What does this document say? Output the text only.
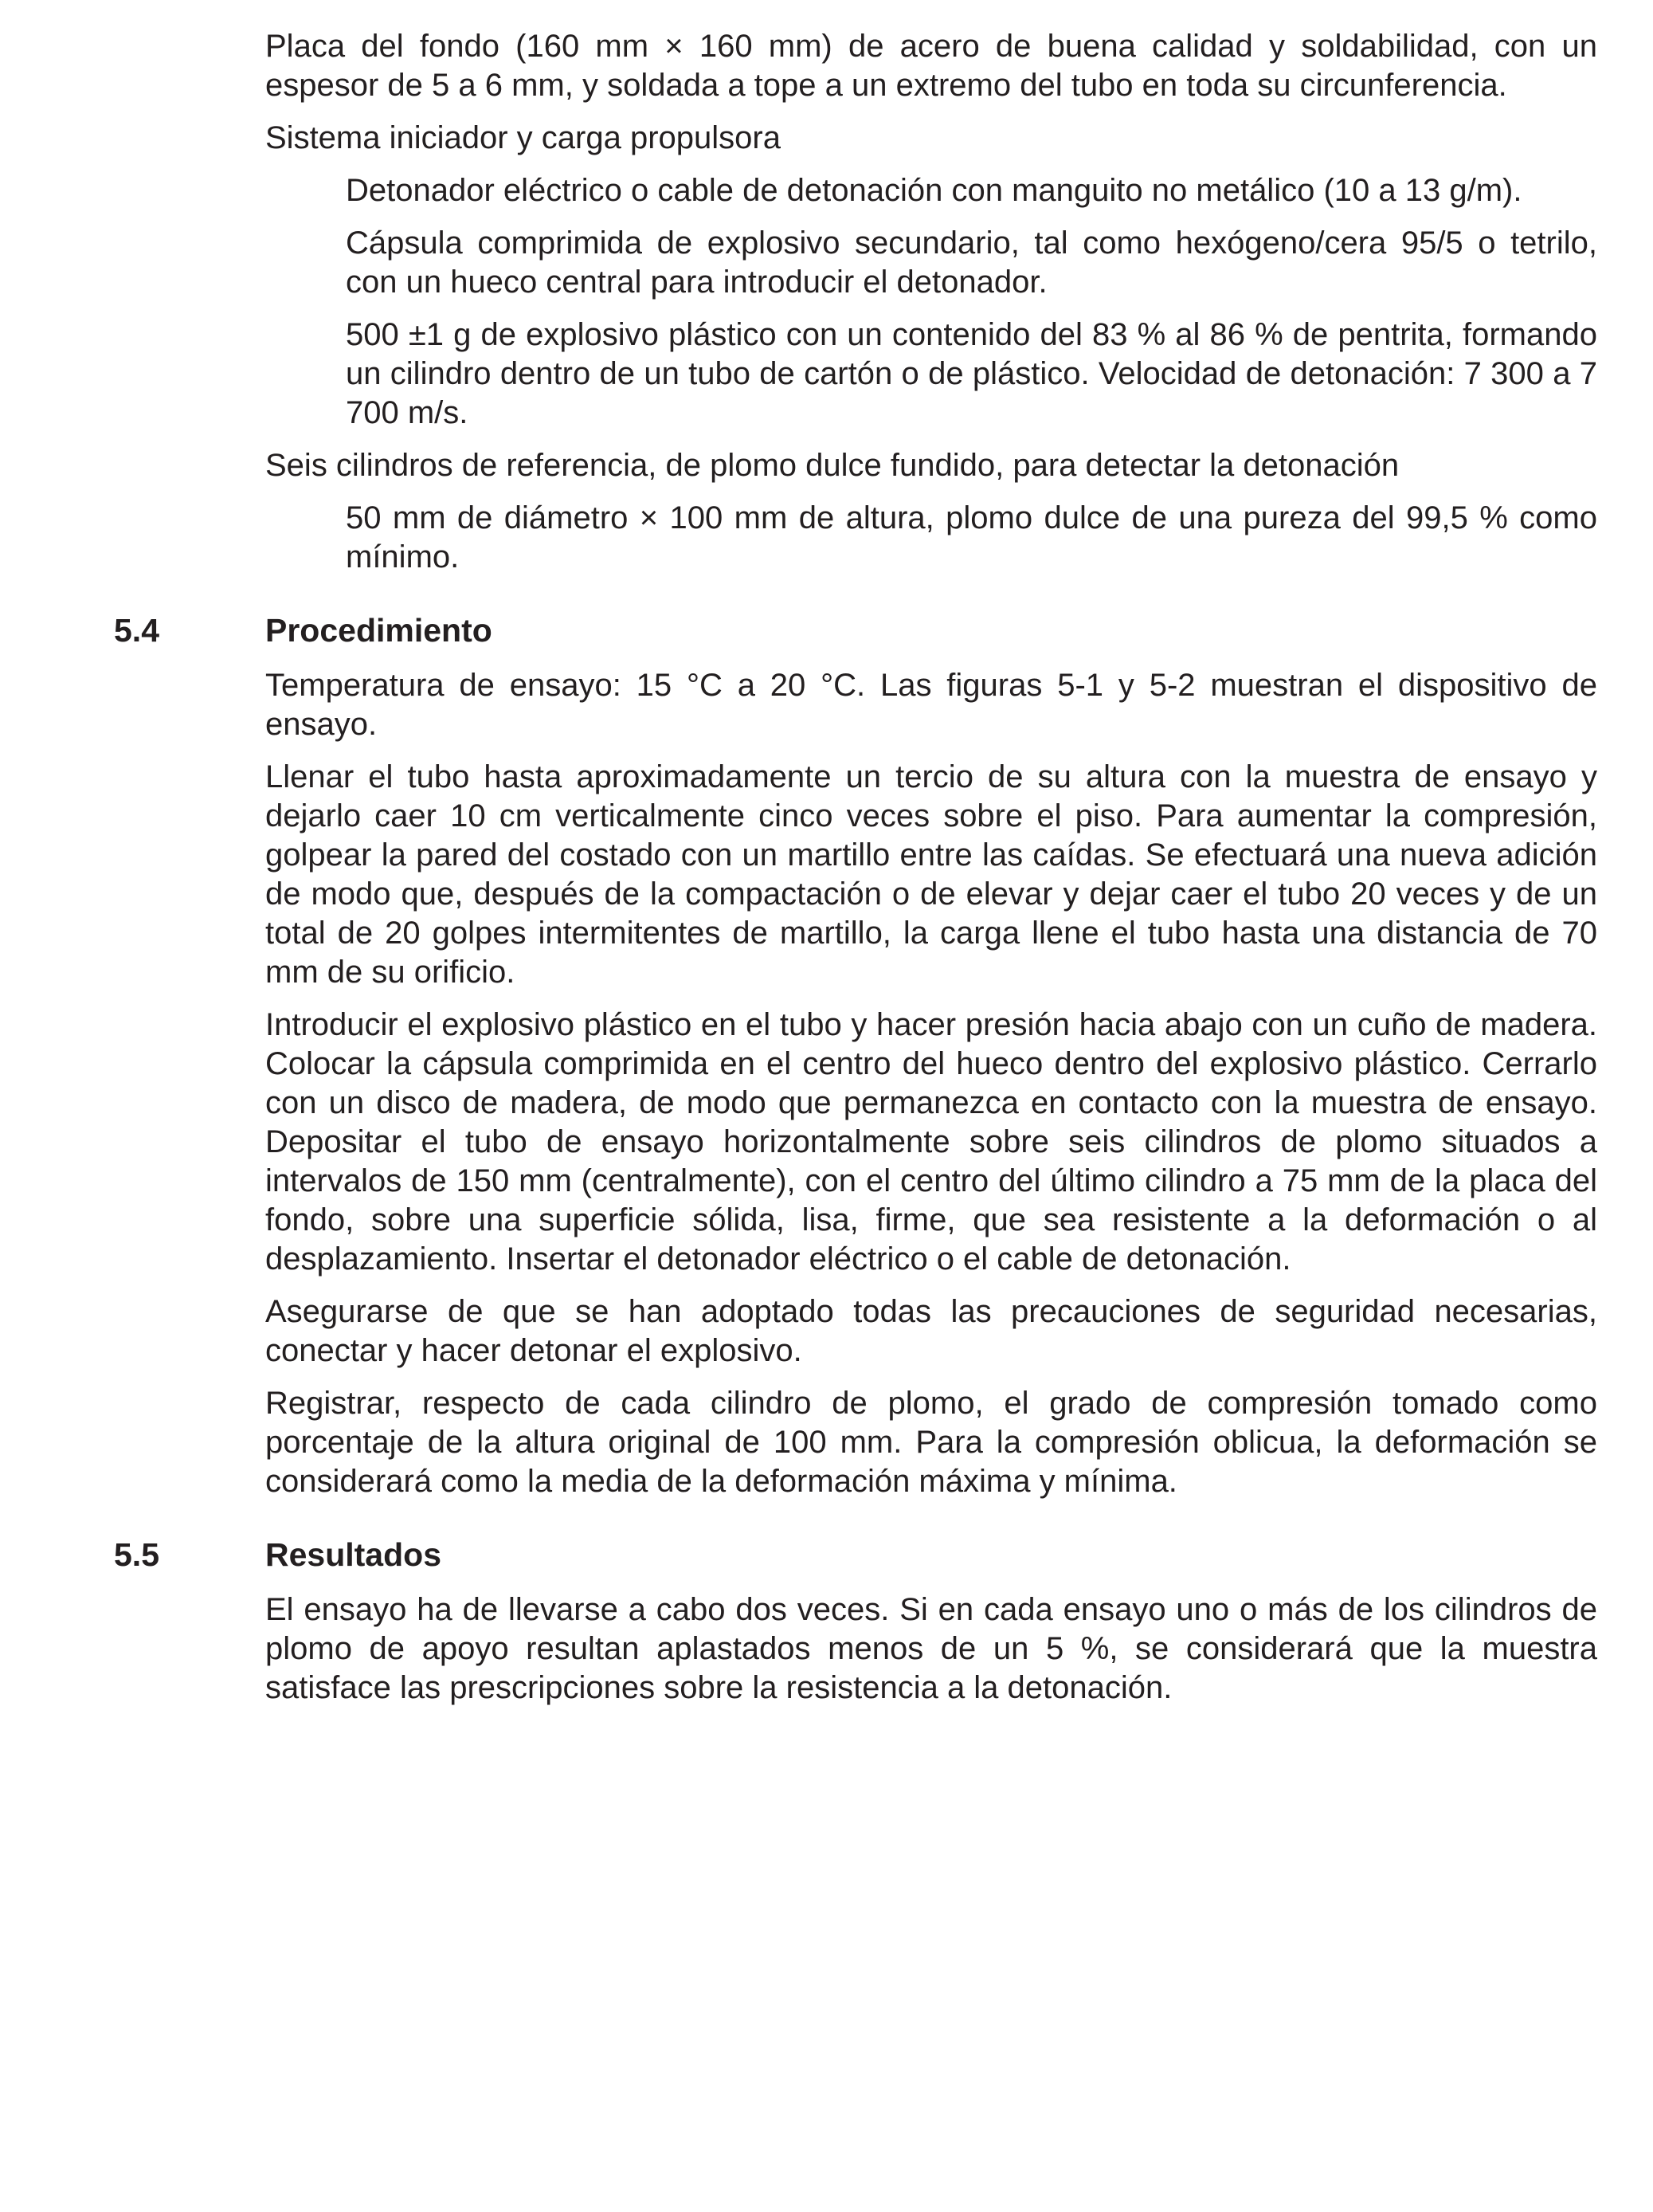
Placa del fondo (160 mm × 160 mm) de acero de buena calidad y soldabilidad, con un espesor de 5 a 6 mm, y soldada a tope a un extremo del tubo en toda su circunferencia.

Sistema iniciador y carga propulsora

Detonador eléctrico o cable de detonación con manguito no metálico (10 a 13 g/m).

Cápsula comprimida de explosivo secundario, tal como hexógeno/cera 95/5 o tetrilo, con un hueco central para introducir el detonador.

500 ±1 g de explosivo plástico con un contenido del 83 % al 86 % de pentrita, formando un cilindro dentro de un tubo de cartón o de plástico. Velocidad de detonación: 7 300 a 7 700 m/s.

Seis cilindros de referencia, de plomo dulce fundido, para detectar la detonación

50 mm de diámetro × 100 mm de altura, plomo dulce de una pureza del 99,5 % como mínimo.

5.4	Procedimiento

Temperatura de ensayo: 15 °C a 20 °C. Las figuras 5-1 y 5-2 muestran el dispositivo de ensayo.

Llenar el tubo hasta aproximadamente un tercio de su altura con la muestra de ensayo y dejarlo caer 10 cm verticalmente cinco veces sobre el piso. Para aumentar la compresión, golpear la pared del costado con un martillo entre las caídas. Se efectuará una nueva adición de modo que, después de la compactación o de elevar y dejar caer el tubo 20 veces y de un total de 20 golpes intermitentes de martillo, la carga llene el tubo hasta una distancia de 70 mm de su orificio.

Introducir el explosivo plástico en el tubo y hacer presión hacia abajo con un cuño de madera. Colocar la cápsula comprimida en el centro del hueco dentro del explosivo plástico. Cerrarlo con un disco de madera, de modo que permanezca en contacto con la muestra de ensayo. Depositar el tubo de ensayo horizontalmente sobre seis cilindros de plomo situados a intervalos de 150 mm (centralmente), con el centro del último cilindro a 75 mm de la placa del fondo, sobre una superficie sólida, lisa, firme, que sea resistente a la deformación o al desplazamiento. Insertar el detonador eléctrico o el cable de detonación.

Asegurarse de que se han adoptado todas las precauciones de seguridad necesarias, conectar y hacer detonar el explosivo.

Registrar, respecto de cada cilindro de plomo, el grado de compresión tomado como porcentaje de la altura original de 100 mm. Para la compresión oblicua, la deformación se considerará como la media de la deformación máxima y mínima.

5.5	Resultados

El ensayo ha de llevarse a cabo dos veces. Si en cada ensayo uno o más de los cilindros de plomo de apoyo resultan aplastados menos de un 5 %, se considerará que la muestra satisface las prescripciones sobre la resistencia a la detonación.
